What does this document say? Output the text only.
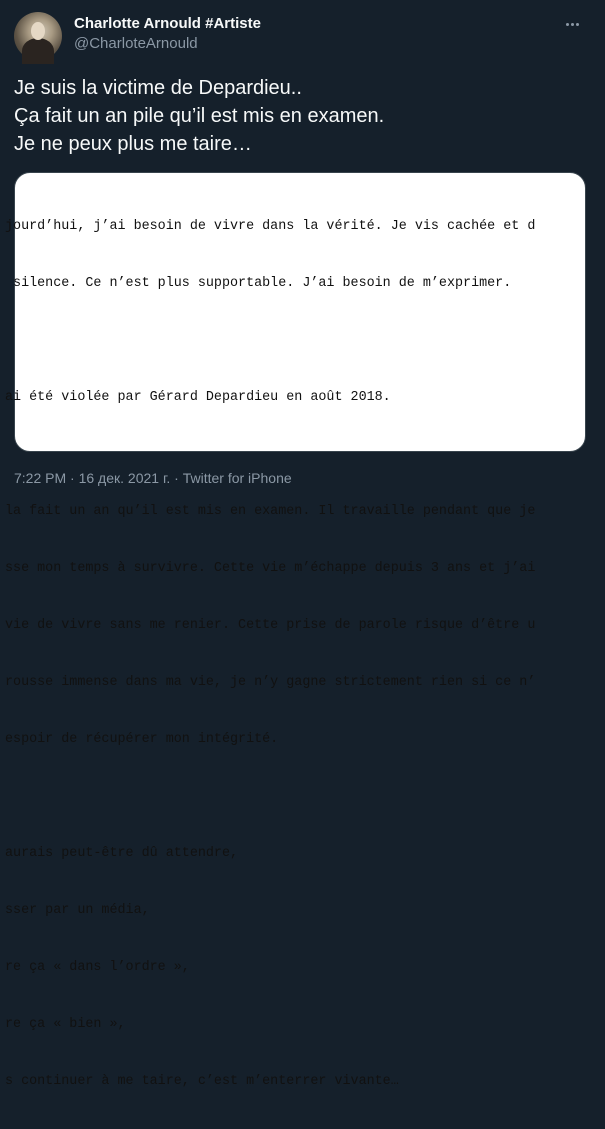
Charlotte Arnould #Artiste
@CharloteArnould
Je suis la victime de Depardieu..
Ça fait un an pile qu’il est mis en examen.
Je ne peux plus me taire…

jourd’hui, j’ai besoin de vivre dans la vérité. Je vis cachée et d

silence. Ce n’est plus supportable. J’ai besoin de m’exprimer.

ai été violée par Gérard Depardieu en août 2018.

la fait un an qu’il est mis en examen. Il travaille pendant que je

sse mon temps à survivre. Cette vie m’échappe depuis 3 ans et j’ai

vie de vivre sans me renier. Cette prise de parole risque d’être u

rousse immense dans ma vie, je n’y gagne strictement rien si ce n’

espoir de récupérer mon intégrité.

aurais peut-être dû attendre,

sser par un média,

re ça « dans l’ordre »,

re ça « bien »,

s continuer à me taire, c’est m’enterrer vivante…

7:22 PM · 16 дек. 2021 г. · Twitter for iPhone
